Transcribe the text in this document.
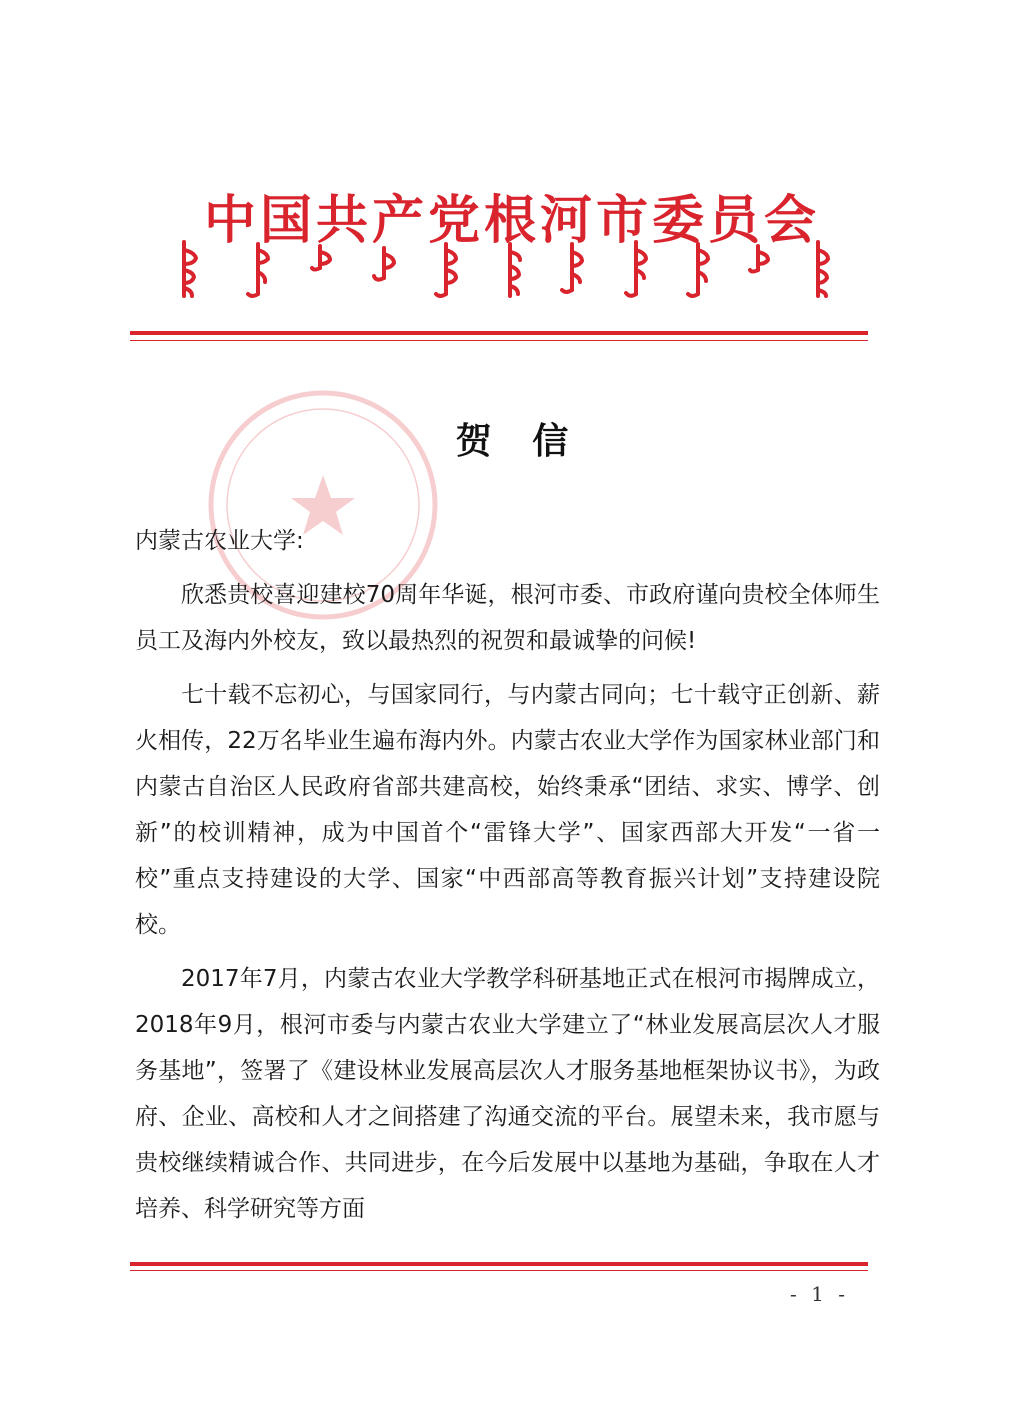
中国共产党根河市委员会
贺 信

内蒙古农业大学:

欣悉贵校喜迎建校70周年华诞，根河市委、市政府谨向贵校全体师生员工及海内外校友，致以最热烈的祝贺和最诚挚的问候!

七十载不忘初心，与国家同行，与内蒙古同向；七十载守正创新、薪火相传，22万名毕业生遍布海内外。内蒙古农业大学作为国家林业部门和内蒙古自治区人民政府省部共建高校，始终秉承“团结、求实、博学、创新”的校训精神，成为中国首个“雷锋大学”、国家西部大开发“一省一校”重点支持建设的大学、国家“中西部高等教育振兴计划”支持建设院校。

2017年7月，内蒙古农业大学教学科研基地正式在根河市揭牌成立，2018年9月，根河市委与内蒙古农业大学建立了“林业发展高层次人才服务基地”，签署了《建设林业发展高层次人才服务基地框架协议书》，为政府、企业、高校和人才之间搭建了沟通交流的平台。展望未来，我市愿与贵校继续精诚合作、共同进步，在今后发展中以基地为基础，争取在人才培养、科学研究等方面

- 1 -
